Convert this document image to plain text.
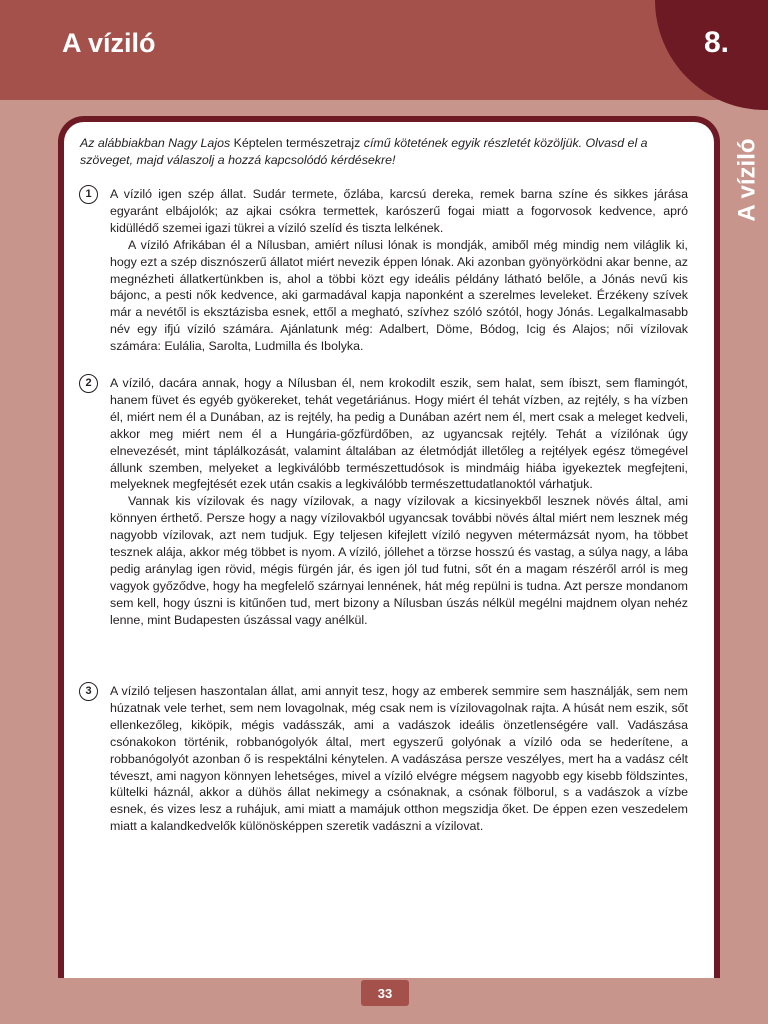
A víziló	8.
A víziló

Az alábbiakban Nagy Lajos Képtelen természetrajz című kötetének egyik részletét közöljük. Olvasd el a szöveget, majd válaszolj a hozzá kapcsolódó kérdésekre!

1	A víziló igen szép állat. Sudár termete, őzlába, karcsú dereka, remek barna színe és sikkes járása egyaránt elbájolók; az ajkai csókra termettek, karószerű fogai miatt a fogorvosok kedvence, apró kidüllédő szemei igazi tükrei a víziló szelíd és tiszta lelkének.

A víziló Afrikában él a Nílusban, amiért nílusi lónak is mondják, amiből még mindig nem világlik ki, hogy ezt a szép disznószerű állatot miért nevezik éppen lónak. Aki azonban gyönyörködni akar benne, az megnézheti állatkertünkben is, ahol a többi közt egy ideális példány látható belőle, a Jónás nevű kis bájonc, a pesti nők kedvence, aki garmadával kapja naponként a szerelmes leveleket. Érzékeny szívek már a nevétől is eksztázisba esnek, ettől a megható, szívhez szóló szótól, hogy Jónás. Legalkalmasabb név egy ifjú víziló számára. Ajánlatunk még: Adalbert, Döme, Bódog, Icig és Alajos; női vízilovak számára: Eulália, Sarolta, Ludmilla és Ibolyka.

2	A víziló, dacára annak, hogy a Nílusban él, nem krokodilt eszik, sem halat, sem íbiszt, sem flamingót, hanem füvet és egyéb gyökereket, tehát vegetáriánus. Hogy miért él tehát vízben, az rejtély, s ha vízben él, miért nem él a Dunában, az is rejtély, ha pedig a Dunában azért nem él, mert csak a meleget kedveli, akkor meg miért nem él a Hungária-gőzfürdőben, az ugyancsak rejtély. Tehát a vízilónak úgy elnevezését, mint táplálkozását, valamint általában az életmódját illetőleg a rejtélyek egész tömegével állunk szemben, melyeket a legkiválóbb természettudósok is mindmáig hiába igyekeztek megfejteni, melyeknek megfejtését ezek után csakis a legkiválóbb természettudatlanoktól várhatjuk.

Vannak kis vízilovak és nagy vízilovak, a nagy vízilovak a kicsinyekből lesznek növés által, ami könnyen érthető. Persze hogy a nagy vízilovakból ugyancsak további növés által miért nem lesznek még nagyobb vízilovak, azt nem tudjuk. Egy teljesen kifejlett víziló negyven métermázsát nyom, ha többet tesznek alája, akkor még többet is nyom. A víziló, jóllehet a törzse hosszú és vastag, a súlya nagy, a lába pedig aránylag igen rövid, mégis fürgén jár, és igen jól tud futni, sőt én a magam részéről arról is meg vagyok győződve, hogy ha megfelelő szárnyai lennének, hát még repülni is tudna. Azt persze mondanom sem kell, hogy úszni is kitűnően tud, mert bizony a Nílusban úszás nélkül megélni majdnem olyan nehéz lenne, mint Budapesten úszással vagy anélkül.

3	A víziló teljesen haszontalan állat, ami annyit tesz, hogy az emberek semmire sem használják, sem nem húzatnak vele terhet, sem nem lovagolnak, még csak nem is vízilovagolnak rajta. A húsát nem eszik, sőt ellenkezőleg, kiköpik, mégis vadásszák, ami a vadászok ideális önzetlenségére vall. Vadászása csónakokon történik, robbanógolyók által, mert egyszerű golyónak a víziló oda se hederítene, a robbanógolyót azonban ő is respektálni kénytelen. A vadászása persze veszélyes, mert ha a vadász célt téveszt, ami nagyon könnyen lehetséges, mivel a víziló elvégre mégsem nagyobb egy kisebb földszintes, kültelki háznál, akkor a dühös állat nekimegy a csónaknak, a csónak fölborul, s a vadászok a vízbe esnek, és vizes lesz a ruhájuk, ami miatt a mamájuk otthon megszidja őket. De éppen ezen veszedelem miatt a kalandkedvelők különösképpen szeretik vadászni a vízilovat.

33
